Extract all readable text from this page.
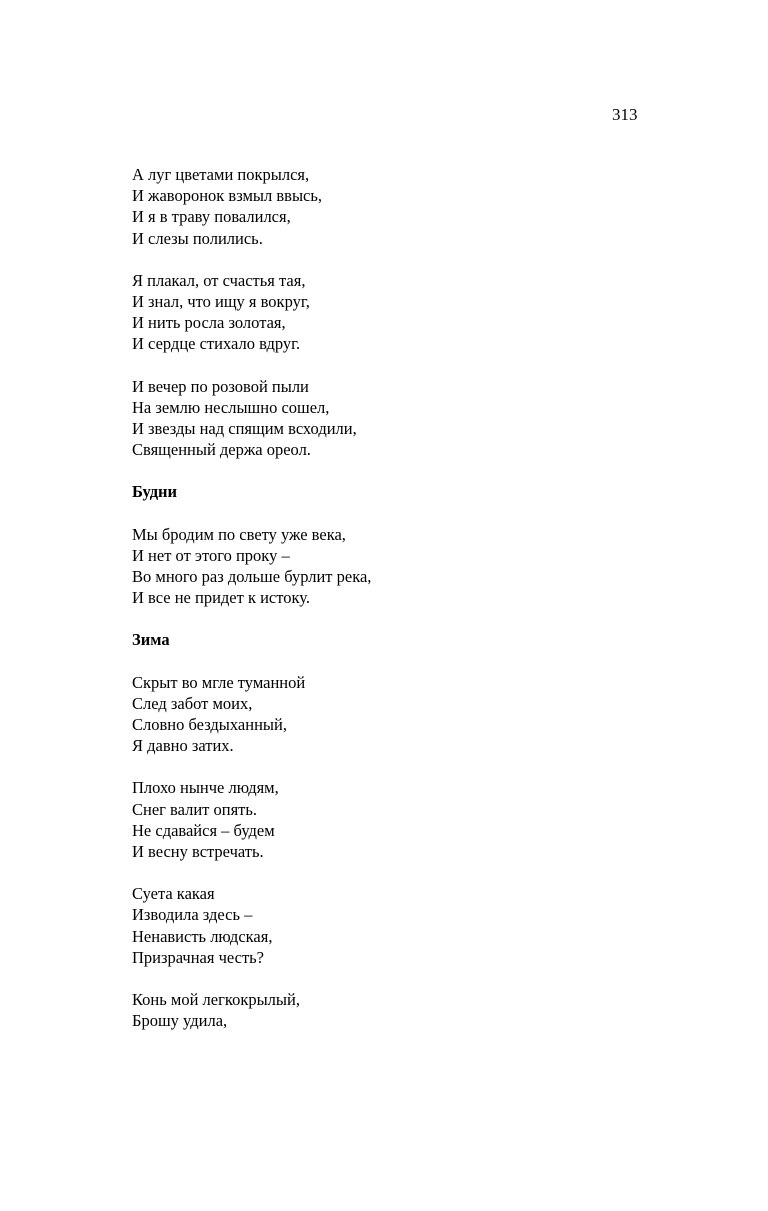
313
А луг цветами покрылся,
И жаворонок взмыл ввысь,
И я в траву повалился,
И слезы полились.
Я плакал, от счастья тая,
И знал, что ищу я вокруг,
И нить росла золотая,
И сердце стихало вдруг.
И вечер по розовой пыли
На землю неслышно сошел,
И звезды над спящим всходили,
Священный держа ореол.
Будни
Мы бродим по свету уже века,
И нет от этого проку –
Во много раз дольше бурлит река,
И все не придет к истоку.
Зима
Скрыт во мгле туманной
След забот моих,
Словно бездыханный,
Я давно затих.
Плохо нынче людям,
Снег валит опять.
Не сдавайся – будем
И весну встречать.
Суета какая
Изводила здесь –
Ненависть людская,
Призрачная честь?
Конь мой легкокрылый,
Брошу удила,
